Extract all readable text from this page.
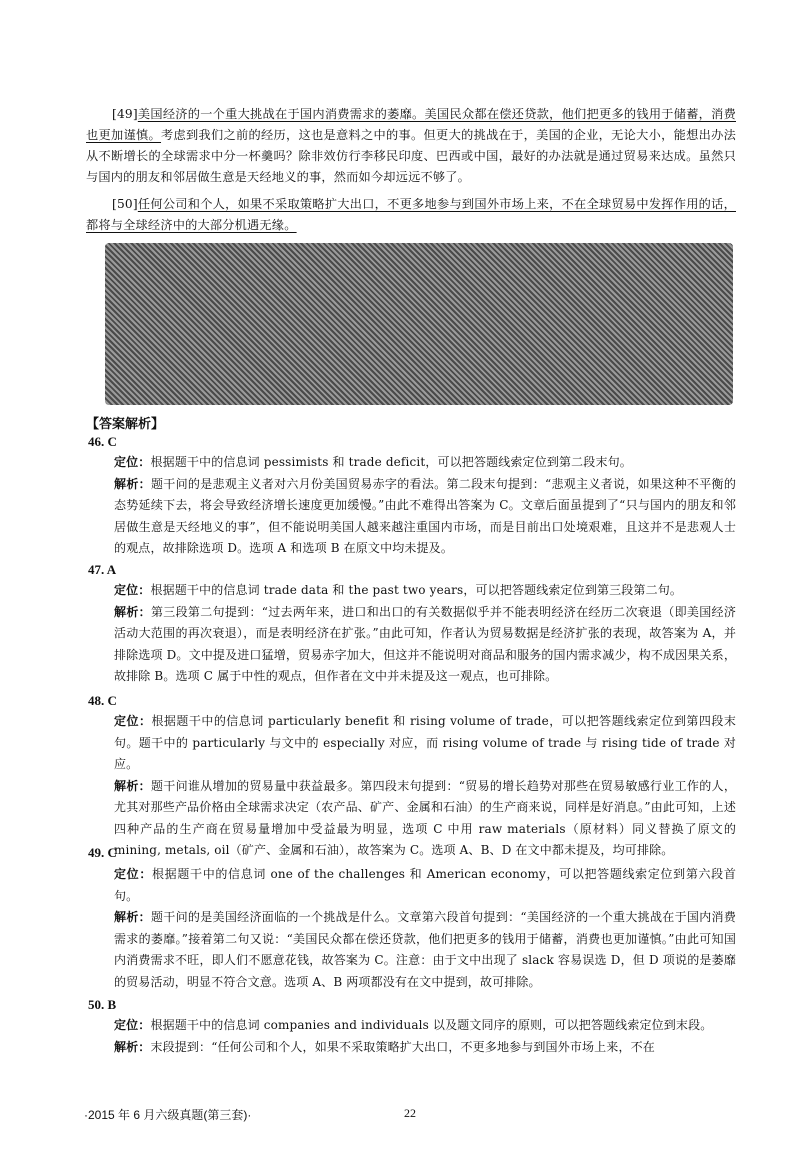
[49]美国经济的一个重大挑战在于国内消费需求的萎靡。美国民众都在偿还贷款，他们把更多的钱用于储蓄，消费也更加谨慎。考虑到我们之前的经历，这也是意料之中的事。但更大的挑战在于，美国的企业，无论大小，能想出办法从不断增长的全球需求中分一杯羹吗？除非效仿行李移民印度、巴西或中国，最好的办法就是通过贸易来达成。虽然只与国内的朋友和邻居做生意是天经地义的事，然而如今却远远不够了。
[50]任何公司和个人，如果不采取策略扩大出口，不更多地参与到国外市场上来，不在全球贸易中发挥作用的话，都将与全球经济中的大部分机遇无缘。
【答案解析】
46. C
定位：根据题干中的信息词 pessimists 和 trade deficit，可以把答题线索定位到第二段末句。
解析：题干问的是悲观主义者对六月份美国贸易赤字的看法。第二段末句提到：“悲观主义者说，如果这种不平衡的态势延续下去，将会导致经济增长速度更加缓慢。”由此不难得出答案为 C。文章后面虽提到了“只与国内的朋友和邻居做生意是天经地义的事”，但不能说明美国人越来越注重国内市场，而是目前出口处境艰难，且这并不是悲观人士的观点，故排除选项 D。选项 A 和选项 B 在原文中均未提及。
47. A
定位：根据题干中的信息词 trade data 和 the past two years，可以把答题线索定位到第三段第二句。
解析：第三段第二句提到：“过去两年来，进口和出口的有关数据似乎并不能表明经济在经历二次衰退（即美国经济活动大范围的再次衰退），而是表明经济在扩张。”由此可知，作者认为贸易数据是经济扩张的表现，故答案为 A，并排除选项 D。文中提及进口猛增，贸易赤字加大，但这并不能说明对商品和服务的国内需求减少，构不成因果关系，故排除 B。选项 C 属于中性的观点，但作者在文中并未提及这一观点，也可排除。
48. C
定位：根据题干中的信息词 particularly benefit 和 rising volume of trade，可以把答题线索定位到第四段末句。题干中的 particularly 与文中的 especially 对应，而 rising volume of trade 与 rising tide of trade 对应。
解析：题干问谁从增加的贸易量中获益最多。第四段末句提到：“贸易的增长趋势对那些在贸易敏感行业工作的人，尤其对那些产品价格由全球需求决定（农产品、矿产、金属和石油）的生产商来说，同样是好消息。”由此可知，上述四种产品的生产商在贸易量增加中受益最为明显，选项 C 中用 raw materials（原材料）同义替换了原文的 mining, metals, oil（矿产、金属和石油），故答案为 C。选项 A、B、D 在文中都未提及，均可排除。
49. C
定位：根据题干中的信息词 one of the challenges 和 American economy，可以把答题线索定位到第六段首句。
解析：题干问的是美国经济面临的一个挑战是什么。文章第六段首句提到：“美国经济的一个重大挑战在于国内消费需求的萎靡。”接着第二句又说：“美国民众都在偿还贷款，他们把更多的钱用于储蓄，消费也更加谨慎。”由此可知国内消费需求不旺，即人们不愿意花钱，故答案为 C。注意：由于文中出现了 slack 容易误选 D，但 D 项说的是萎靡的贸易活动，明显不符合文意。选项 A、B 两项都没有在文中提到，故可排除。
50. B
定位：根据题干中的信息词 companies and individuals 以及题文同序的原则，可以把答题线索定位到末段。
解析：末段提到：“任何公司和个人，如果不采取策略扩大出口，不更多地参与到国外市场上来，不在
·2015 年 6 月六级真题(第三套)·	22
